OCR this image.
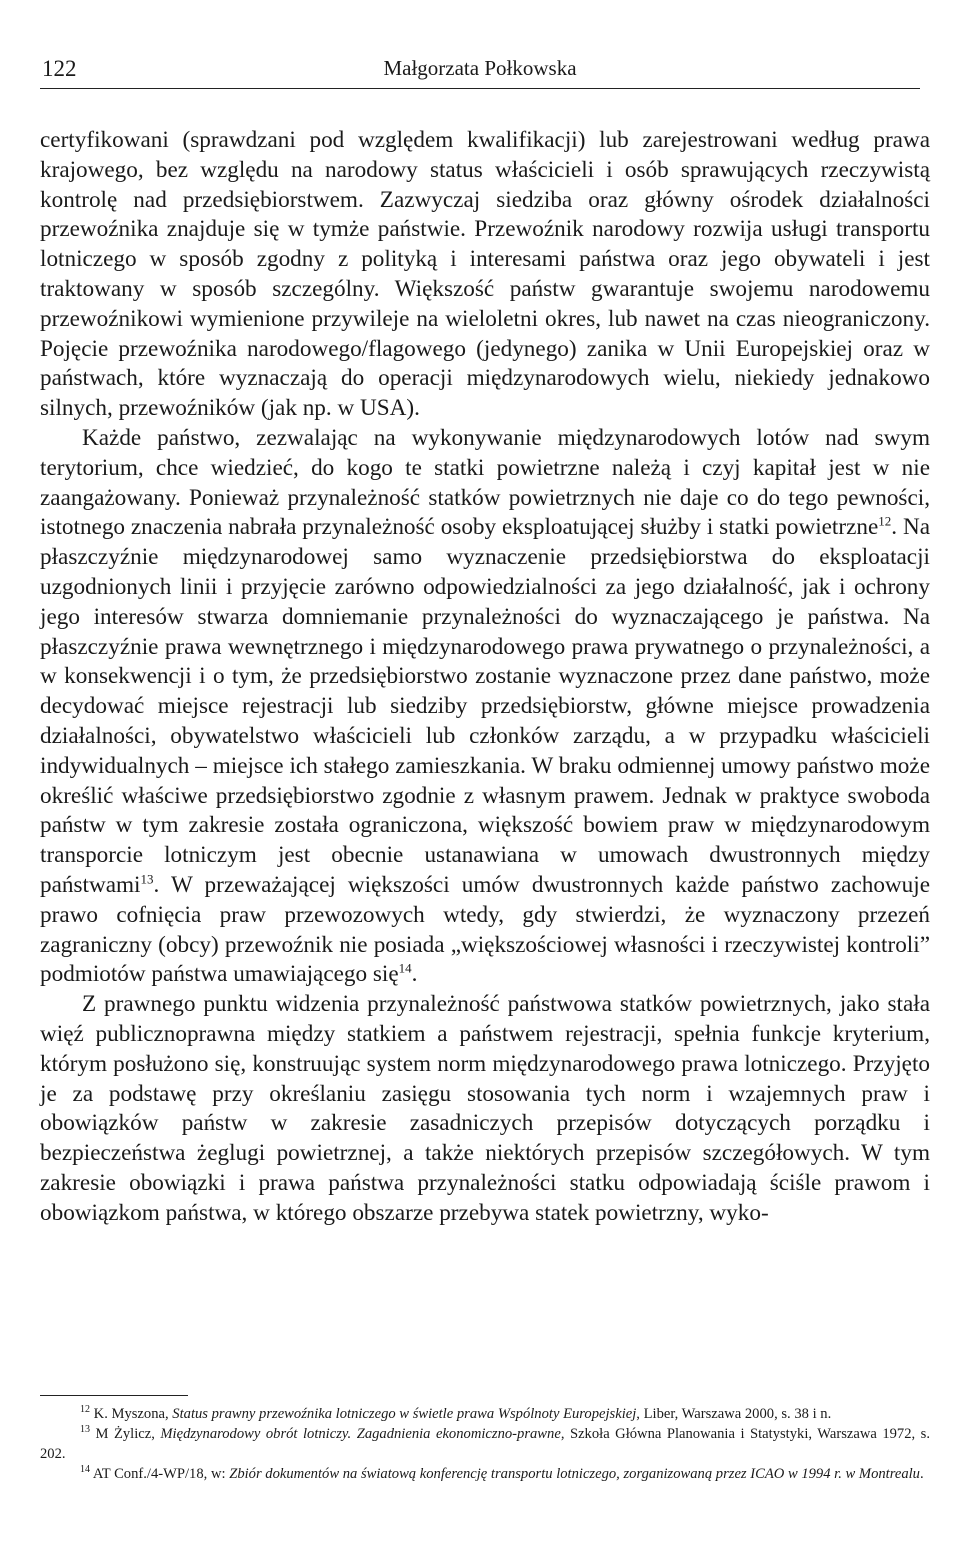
122	Małgorzata Połkowska

certyfikowani (sprawdzani pod względem kwalifikacji) lub zarejestrowani według prawa krajowego, bez względu na narodowy status właścicieli i osób sprawujących rzeczywistą kontrolę nad przedsiębiorstwem. Zazwyczaj siedziba oraz główny ośrodek działalności przewoźnika znajduje się w tymże państwie. Przewoźnik narodowy rozwija usługi transportu lotniczego w sposób zgodny z polityką i interesami państwa oraz jego obywateli i jest traktowany w sposób szczególny. Większość państw gwarantuje swojemu narodowemu przewoźnikowi wymienione przywileje na wieloletni okres, lub nawet na czas nieograniczony. Pojęcie przewoźnika narodowego/flagowego (jedynego) zanika w Unii Europejskiej oraz w państwach, które wyznaczają do operacji międzynarodowych wielu, niekiedy jednakowo silnych, przewoźników (jak np. w USA).

Każde państwo, zezwalając na wykonywanie międzynarodowych lotów nad swym terytorium, chce wiedzieć, do kogo te statki powietrzne należą i czyj kapitał jest w nie zaangażowany. Ponieważ przynależność statków powietrznych nie daje co do tego pewności, istotnego znaczenia nabrała przynależność osoby eksploatującej służby i statki powietrzne$^{12}$. Na płaszczyźnie międzynarodowej samo wyznaczenie przedsiębiorstwa do eksploatacji uzgodnionych linii i przyjęcie zarówno odpowiedzialności za jego działalność, jak i ochrony jego interesów stwarza domniemanie przynależności do wyznaczającego je państwa. Na płaszczyźnie prawa wewnętrznego i międzynarodowego prawa prywatnego o przynależności, a w konsekwencji i o tym, że przedsiębiorstwo zostanie wyznaczone przez dane państwo, może decydować miejsce rejestracji lub siedziby przedsiębiorstw, główne miejsce prowadzenia działalności, obywatelstwo właścicieli lub członków zarządu, a w przypadku właścicieli indywidualnych – miejsce ich stałego zamieszkania. W braku odmiennej umowy państwo może określić właściwe przedsiębiorstwo zgodnie z własnym prawem. Jednak w praktyce swoboda państw w tym zakresie została ograniczona, większość bowiem praw w międzynarodowym transporcie lotniczym jest obecnie ustanawiana w umowach dwustronnych między państwami$^{13}$. W przeważającej większości umów dwustronnych każde państwo zachowuje prawo cofnięcia praw przewozowych wtedy, gdy stwierdzi, że wyznaczony przezeń zagraniczny (obcy) przewoźnik nie posiada „większościowej własności i rzeczywistej kontroli” podmiotów państwa umawiającego się$^{14}$.

Z prawnego punktu widzenia przynależność państwowa statków powietrznych, jako stała więź publicznoprawna między statkiem a państwem rejestracji, spełnia funkcje kryterium, którym posłużono się, konstruując system norm międzynarodowego prawa lotniczego. Przyjęto je za podstawę przy określaniu zasięgu stosowania tych norm i wzajemnych praw i obowiązków państw w zakresie zasadniczych przepisów dotyczących porządku i bezpieczeństwa żeglugi powietrznej, a także niektórych przepisów szczegółowych. W tym zakresie obowiązki i prawa państwa przynależności statku odpowiadają ściśle prawom i obowiązkom państwa, w którego obszarze przebywa statek powietrzny, wyko-

$^{12}$ K. Myszona, Status prawny przewoźnika lotniczego w świetle prawa Wspólnoty Europejskiej, Liber, Warszawa 2000, s. 38 i n.

$^{13}$ M Żylicz, Międzynarodowy obrót lotniczy. Zagadnienia ekonomiczno-prawne, Szkoła Główna Planowania i Statystyki, Warszawa 1972, s. 202.

$^{14}$ AT Conf./4-WP/18, w: Zbiór dokumentów na światową konferencję transportu lotniczego, zorganizowaną przez ICAO w 1994 r. w Montrealu.
